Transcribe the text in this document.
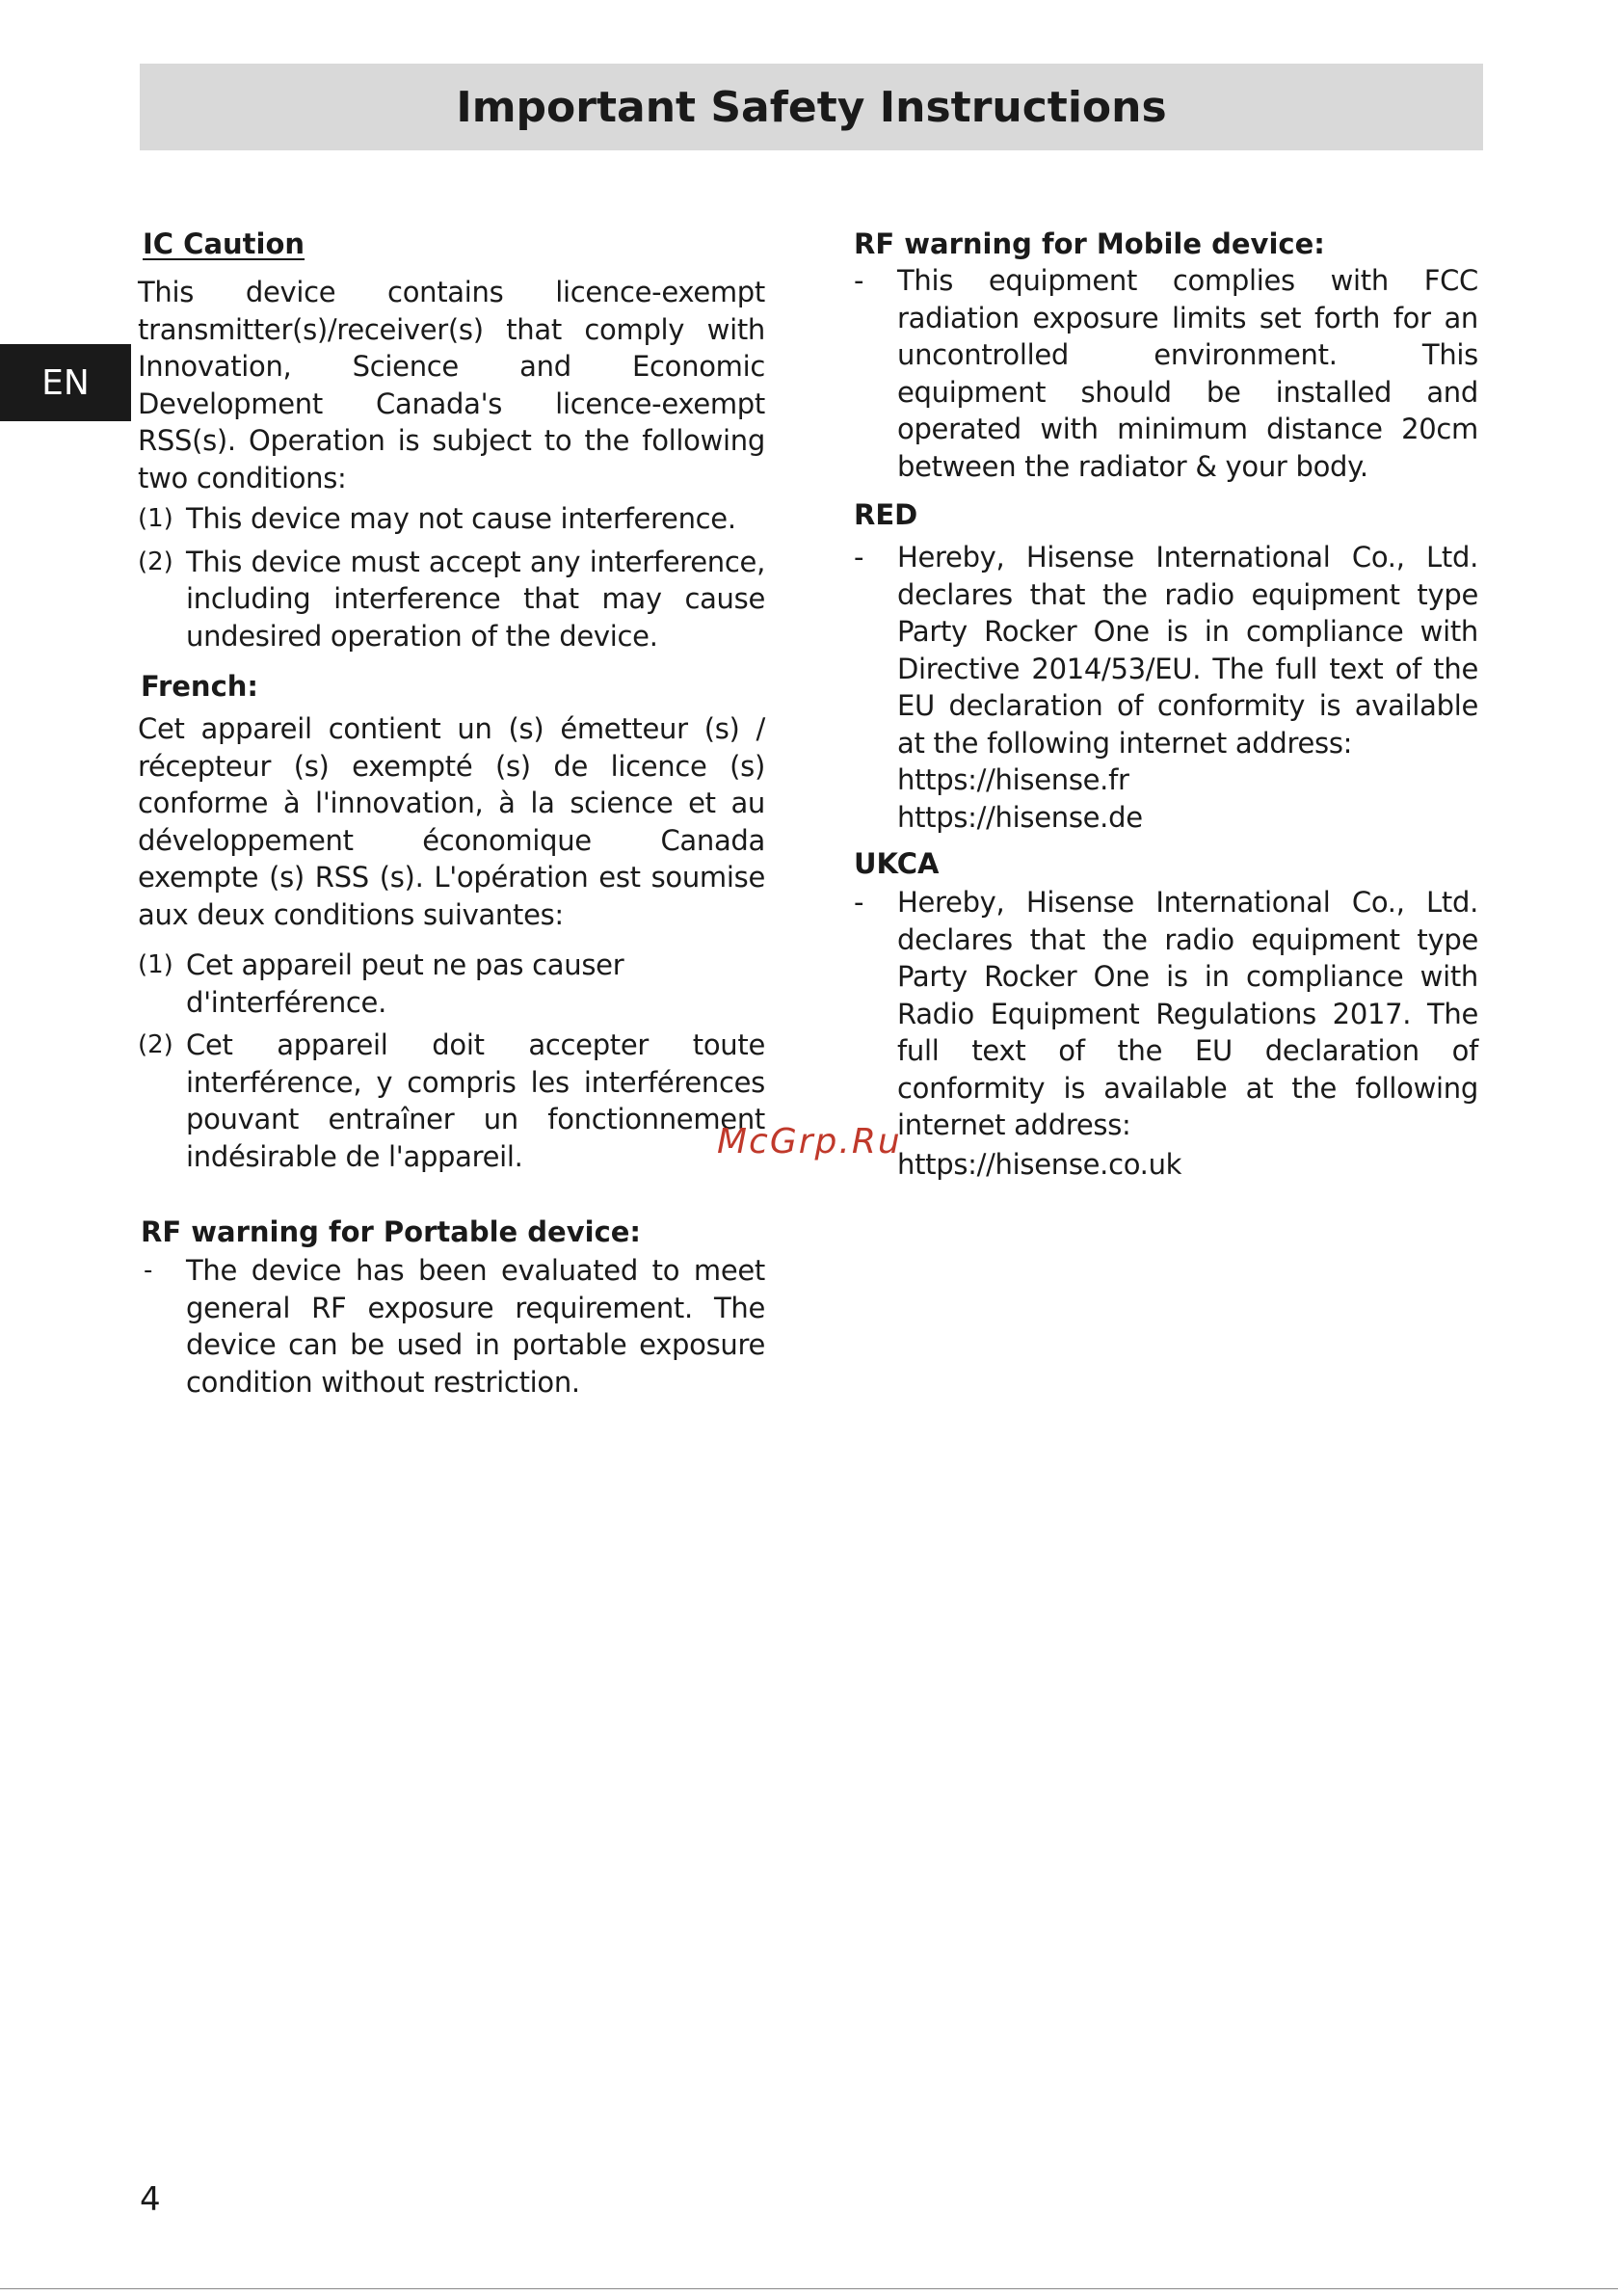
Important Safety Instructions
EN

IC Caution

This device contains licence-exempt transmitter(s)/receiver(s) that comply with Innovation, Science and Economic Development Canada's licence-exempt RSS(s). Operation is subject to the following two conditions:

(1) This device may not cause interference.
(2) This device must accept any interference, including interference that may cause undesired operation of the device.

French:

Cet appareil contient un (s) émetteur (s) / récepteur (s) exempté (s) de licence (s) conforme à l'innovation, à la science et au développement économique Canada exempte (s) RSS (s). L'opération est soumise aux deux conditions suivantes:

(1) Cet appareil peut ne pas causer d'interférence.
(2) Cet appareil doit accepter toute interférence, y compris les interférences pouvant entraîner un fonctionnement indésirable de l'appareil.

RF warning for Portable device:

-	The device has been evaluated to meet general RF exposure requirement. The device can be used in portable exposure condition without restriction.

RF warning for Mobile device:

-	This equipment complies with FCC radiation exposure limits set forth for an uncontrolled environment. This equipment should be installed and operated with minimum distance 20cm between the radiator & your body.

RED

-	Hereby, Hisense International Co., Ltd. declares that the radio equipment type Party Rocker One is in compliance with Directive 2014/53/EU. The full text of the EU declaration of conformity is available at the following internet address:
https://hisense.fr
https://hisense.de

UKCA

-	Hereby, Hisense International Co., Ltd. declares that the radio equipment type Party Rocker One is in compliance with Radio Equipment Regulations 2017. The full text of the EU declaration of conformity is available at the following internet address:
https://hisense.co.uk
McGrp.Ru
4
